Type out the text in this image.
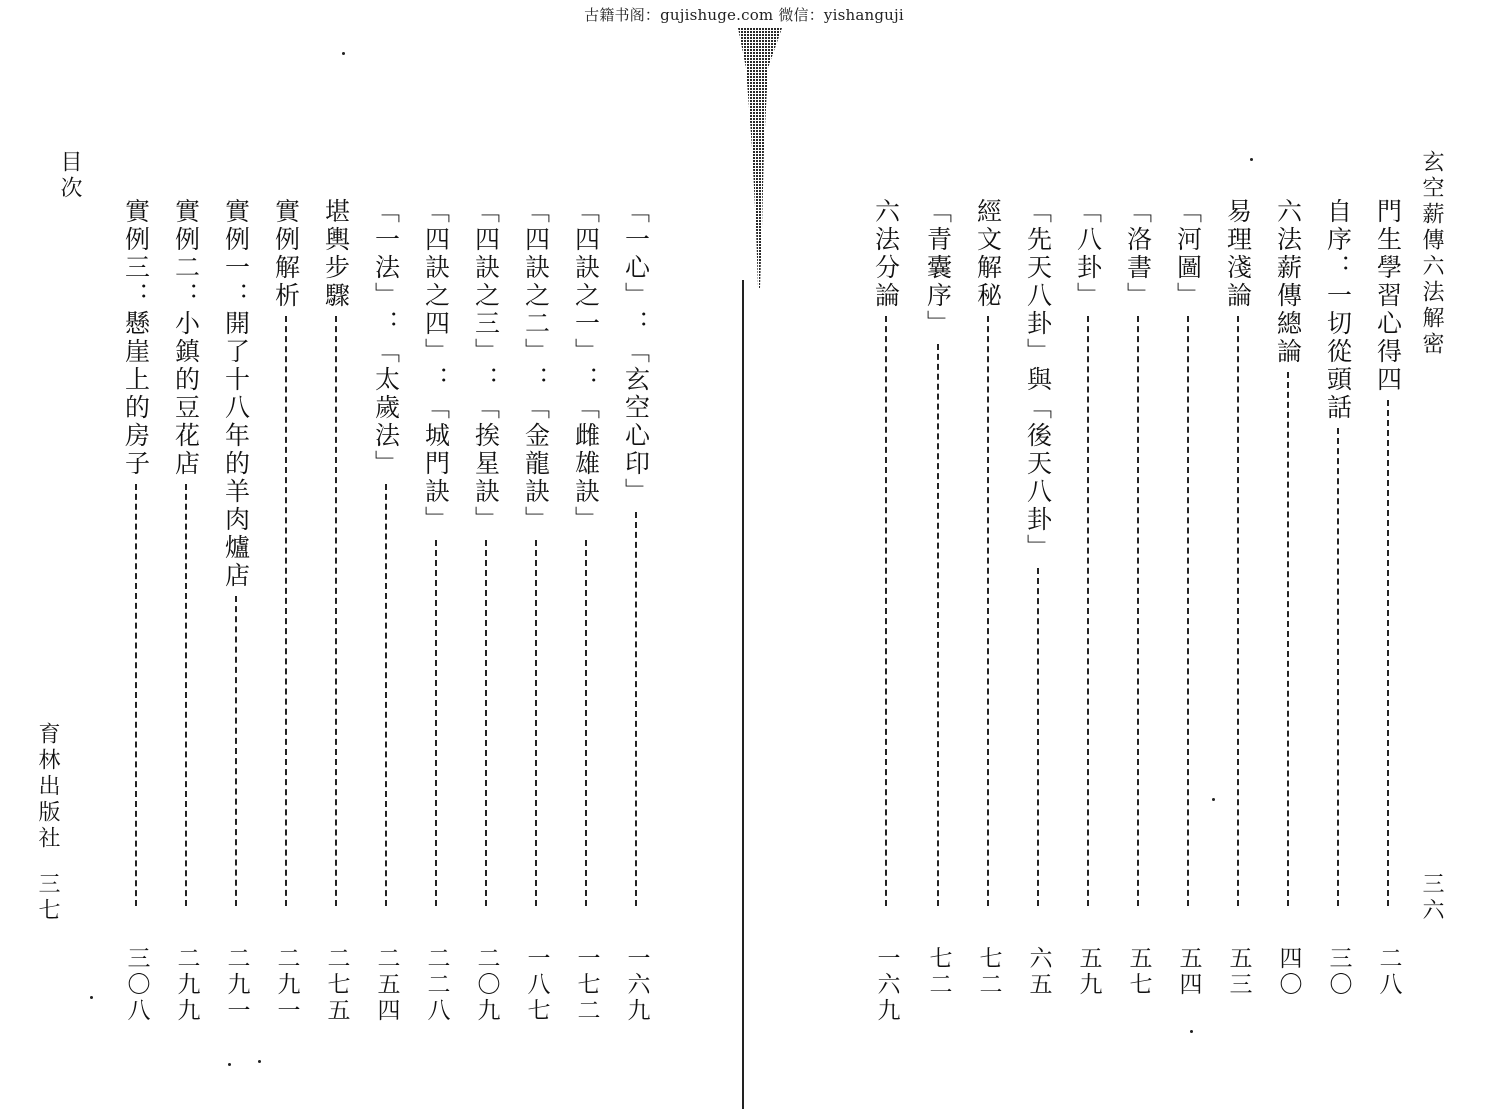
古籍书阁：gujishuge.com 微信：yishanguji
目次
育林出版社
三七
「一心」：「玄空心印」
一六九
「四訣之一」：「雌雄訣」
一七二
「四訣之二」：「金龍訣」
一八七
「四訣之三」：「挨星訣」
二〇九
「四訣之四」：「城門訣」
二二八
「一法」：「太歲法」
二五四
堪輿步驟
二七五
實例解析
二九一
實例一：開了十八年的羊肉爐店
二九一
實例二：小鎮的豆花店
二九九
實例三：懸崖上的房子
三〇八
玄空薪傳六法解密
三六
門生學習心得四
二八
自序：一切從頭話
三〇
六法薪傳總論
四〇
易理淺論
五三
「河圖」
五四
「洛書」
五七
「八卦」
五九
「先天八卦」與「後天八卦」
六五
經文解秘
七二
「青囊序」
七二
六法分論
一六九
